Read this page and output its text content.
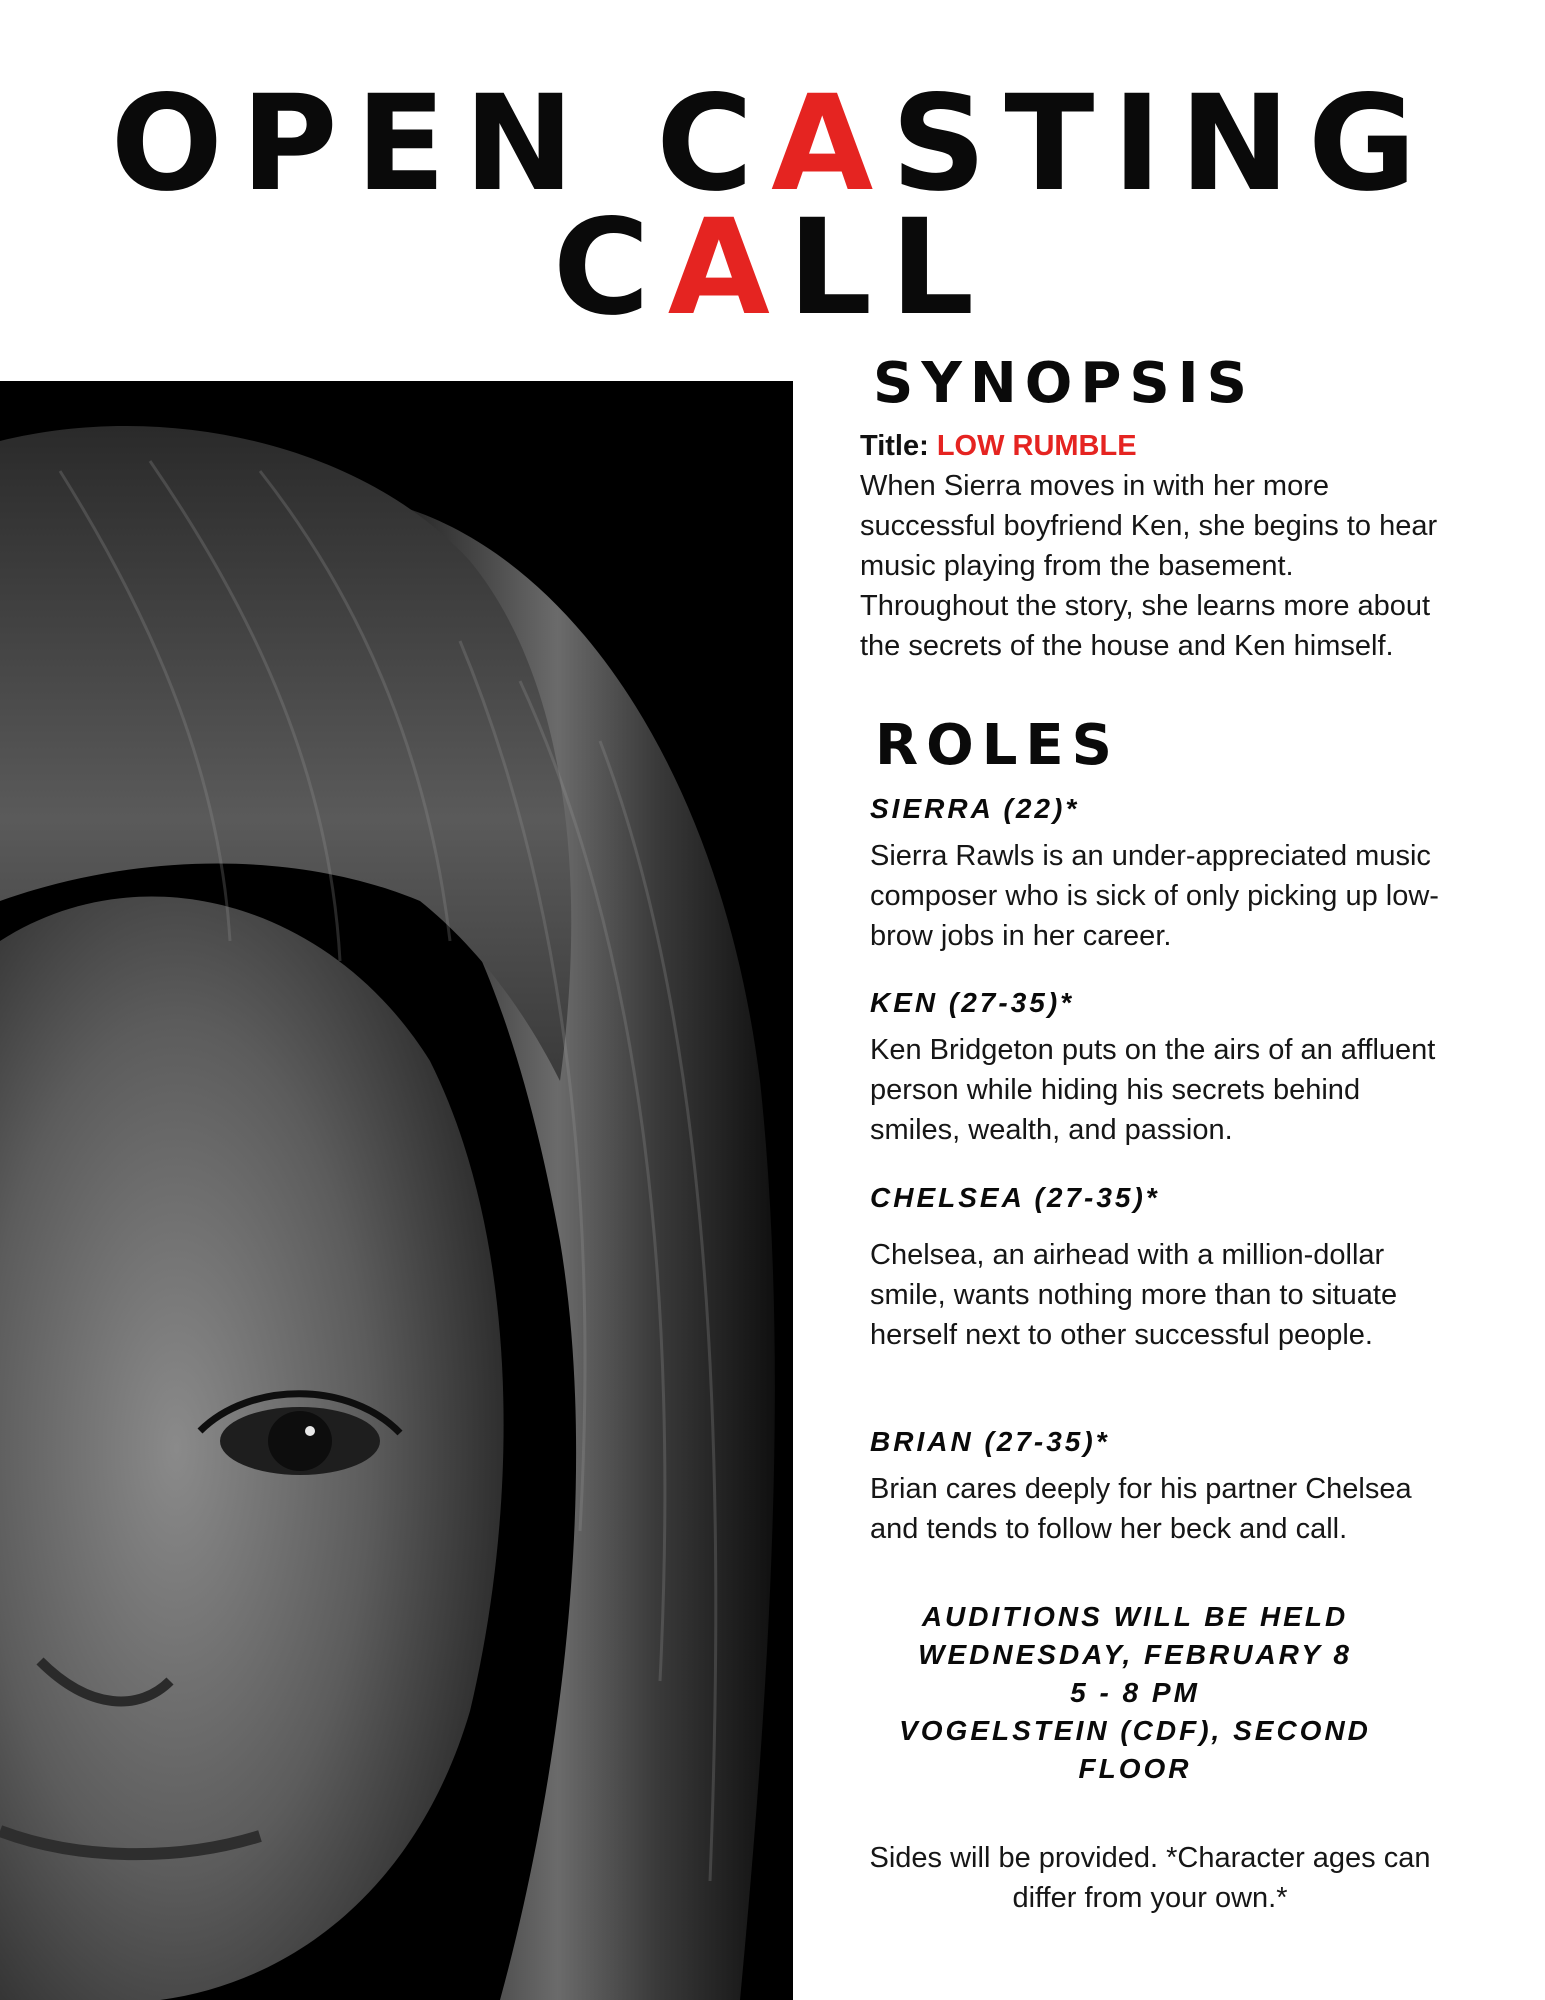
OPEN CASTING
CALL
SYNOPSIS
Title: LOW RUMBLE

When Sierra moves in with her more successful boyfriend Ken, she begins to hear music playing from the basement. Throughout the story, she learns more about the secrets of the house and Ken himself.

ROLES

SIERRA (22)*

Sierra Rawls is an under-appreciated music composer who is sick of only picking up low-brow jobs in her career.

KEN (27-35)*

Ken Bridgeton puts on the airs of an affluent person while hiding his secrets behind smiles, wealth, and passion.

CHELSEA (27-35)*

Chelsea, an airhead with a million-dollar smile, wants nothing more than to situate herself next to other successful people.

BRIAN (27-35)*

Brian cares deeply for his partner Chelsea and tends to follow her beck and call.

AUDITIONS WILL BE HELD
WEDNESDAY, FEBRUARY 8
5 - 8 PM
VOGELSTEIN (CDF), SECOND FLOOR

Sides will be provided. *Character ages can differ from your own.*
